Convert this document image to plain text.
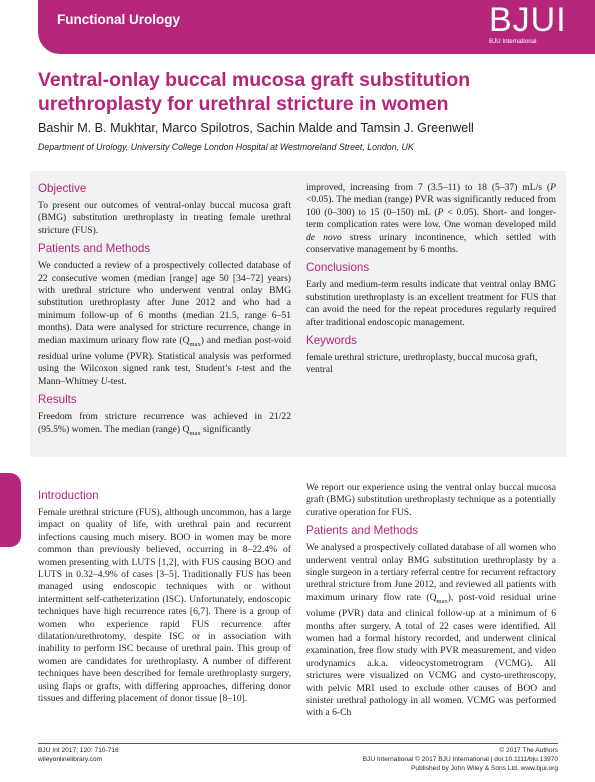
Functional Urology	BJUI
BJU International
Ventral-onlay buccal mucosa graft substitution urethroplasty for urethral stricture in women
Bashir M. B. Mukhtar, Marco Spilotros, Sachin Malde and Tamsin J. Greenwell
Department of Urology, University College London Hospital at Westmoreland Street, London, UK
Objective

To present our outcomes of ventral-onlay buccal mucosa graft (BMG) substitution urethroplasty in treating female urethral stricture (FUS).

Patients and Methods

We conducted a review of a prospectively collected database of 22 consecutive women (median [range] age 50 [34–72] years) with urethral stricture who underwent ventral onlay BMG substitution urethroplasty after June 2012 and who had a minimum follow-up of 6 months (median 21.5, range 6–51 months). Data were analysed for stricture recurrence, change in median maximum urinary flow rate $(Q_{max})$ and median post-void residual urine volume (PVR). Statistical analysis was performed using the Wilcoxon signed rank test, Student’s t-test and the Mann–Whitney U-test.

Results

Freedom from stricture recurrence was achieved in 21/22 (95.5%) women. The median (range) $Q_{max}$ significantly

improved, increasing from 7 (3.5–11) to 18 (5–37) mL/s (P <0.05). The median (range) PVR was significantly reduced from 100 (0–300) to 15 (0–150) mL (P < 0.05). Short- and longer-term complication rates were low. One woman developed mild de novo stress urinary incontinence, which settled with conservative management by 6 months.

Conclusions

Early and medium-term results indicate that ventral onlay BMG substitution urethroplasty is an excellent treatment for FUS that can avoid the need for the repeat procedures regularly required after traditional endoscopic management.

Keywords

female urethral stricture, urethroplasty, buccal mucosa graft, ventral

Introduction

Female urethral stricture (FUS), although uncommon, has a large impact on quality of life, with urethral pain and recurrent infections causing much misery. BOO in women may be more common than previously believed, occurring in 8–22.4% of women presenting with LUTS [1,2], with FUS causing BOO and LUTS in 0.32–4.9% of cases [3–5]. Traditionally FUS has been managed using endoscopic techniques with or without intermittent self-catheterization (ISC). Unfortunately, endoscopic techniques have high recurrence rates [6,7]. There is a group of women who experience rapid FUS recurrence after dilatation/urethrotomy, despite ISC or in association with inability to perform ISC because of urethral pain. This group of women are candidates for urethroplasty. A number of different techniques have been described for female urethroplasty surgery, using flaps or grafts, with differing approaches, differing donor tissues and differing placement of donor tissue [8–10].

We report our experience using the ventral onlay buccal mucosa graft (BMG) substitution urethroplasty technique as a potentially curative operation for FUS.

Patients and Methods

We analysed a prospectively collated database of all women who underwent ventral onlay BMG substitution urethroplasty by a single surgeon in a tertiary referral centre for recurrent refractory urethral stricture from June 2012, and reviewed all patients with maximum urinary flow rate $(Q_{max})$, post-void residual urine volume (PVR) data and clinical follow-up at a minimum of 6 months after surgery. A total of 22 cases were identified. All women had a formal history recorded, and underwent clinical examination, free flow study with PVR measurement, and video urodynamics a.k.a. videocystometrogram (VCMG). All strictures were visualized on VCMG and cysto-urethroscopy, with pelvic MRI used to exclude other causes of BOO and sinister urethral pathology in all women. VCMG was performed with a 6-Ch

BJU Int 2017; 120: 710-716
wileyonlinelibrary.com
© 2017 The Authors
BJU International © 2017 BJU International | doi:10.1111/bju.13970
Published by John Wiley & Sons Ltd. www.bjui.org
